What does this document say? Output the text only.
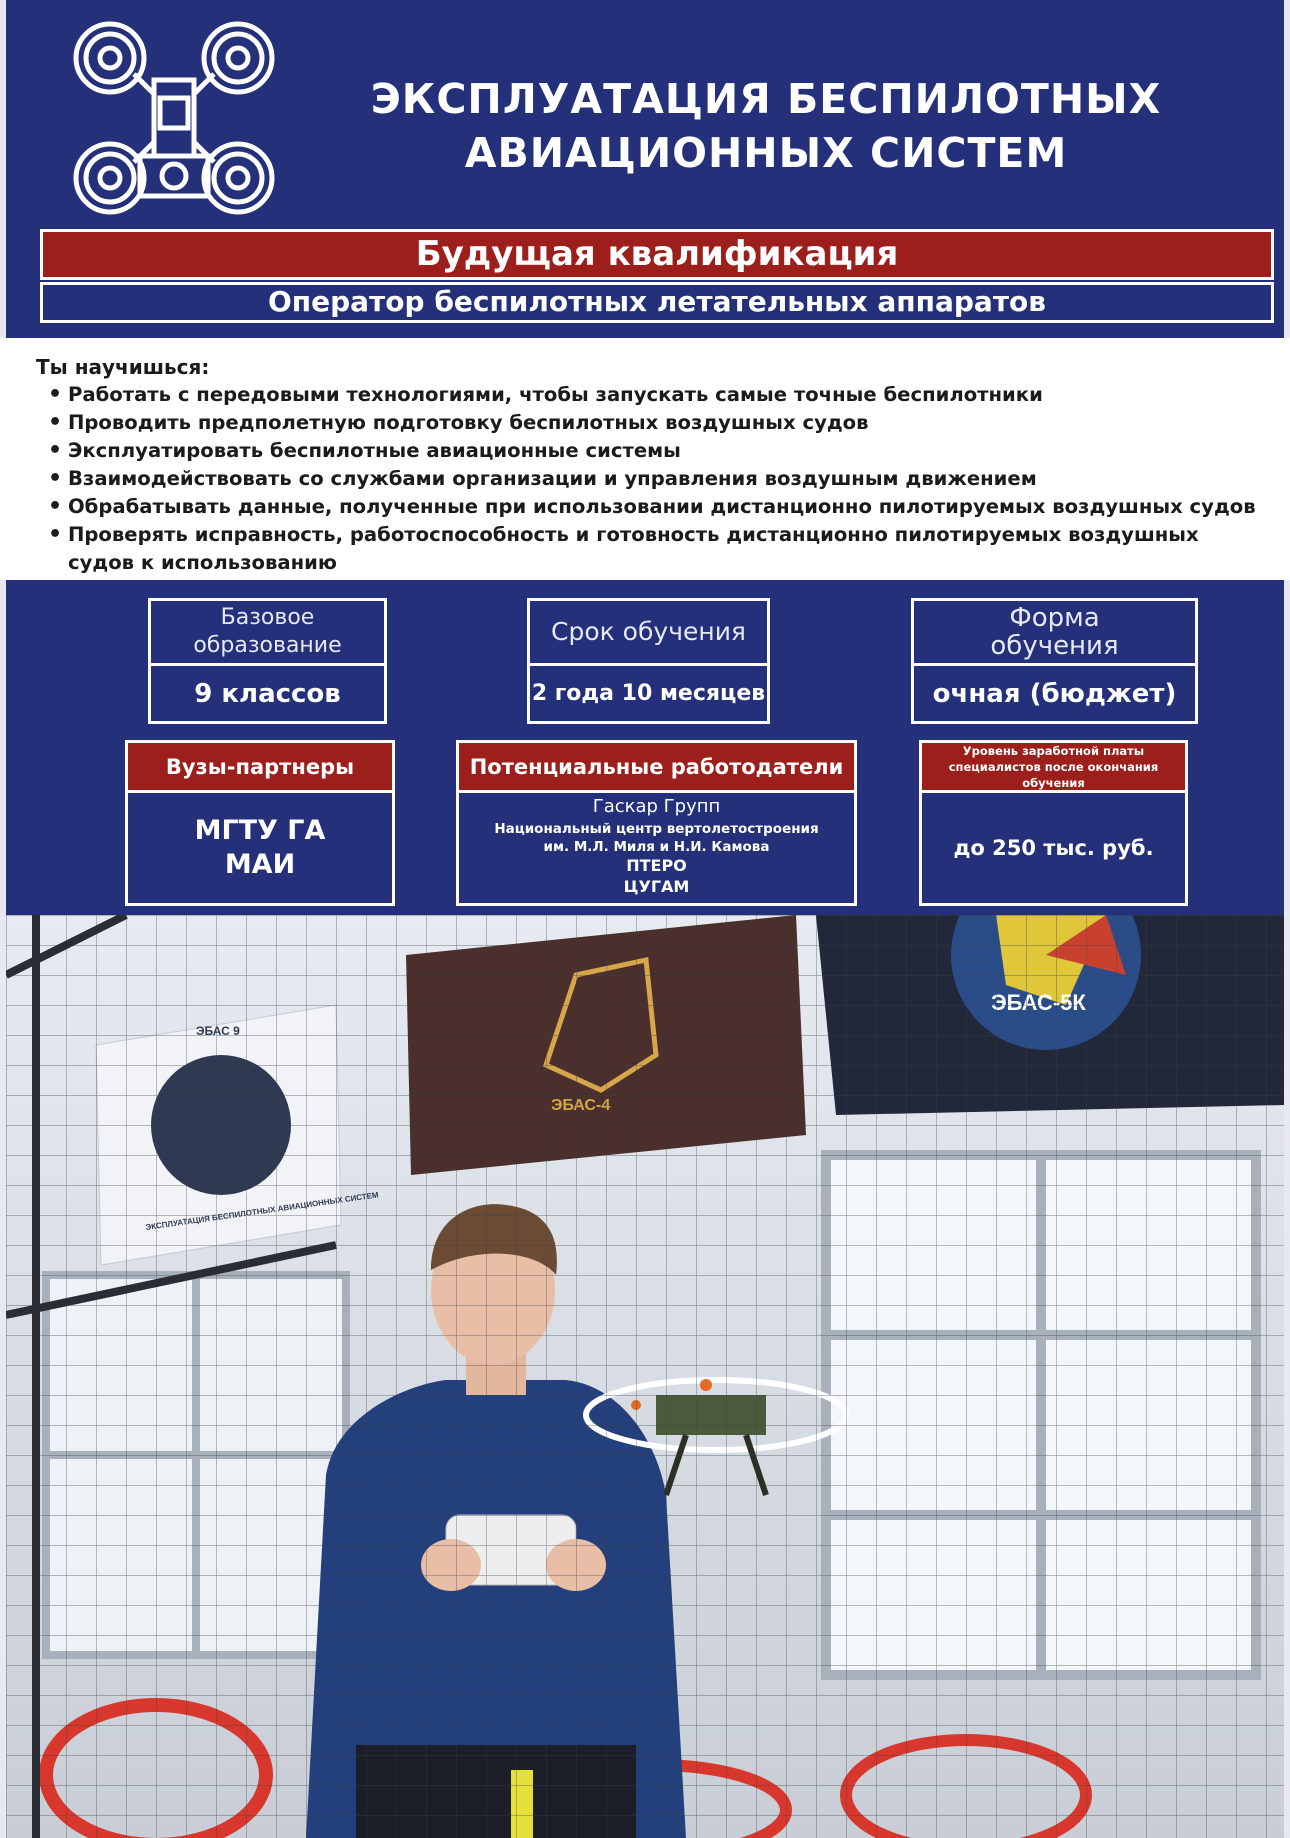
ЭКСПЛУАТАЦИЯ БЕСПИЛОТНЫХ
АВИАЦИОННЫХ СИСТЕМ
Будущая квалификация
Оператор беспилотных летательных аппаратов
Ты научишься:
• Работать с передовыми технологиями, чтобы запускать самые точные беспилотники
• Проводить предполетную подготовку беспилотных воздушных судов
• Эксплуатировать беспилотные авиационные системы
• Взаимодействовать со службами организации и управления воздушным движением
• Обрабатывать данные, полученные при использовании дистанционно пилотируемых воздушных судов
• Проверять исправность, работоспособность и готовность дистанционно пилотируемых воздушных судов к использованию
Базовое образование
9 классов
Срок обучения
2 года 10 месяцев
Форма обучения
очная (бюджет)
Вузы-партнеры
МГТУ ГА
МАИ
Потенциальные работодатели
Гаскар Групп
Национальный центр вертолетостроения
им. М.Л. Миля и Н.И. Камова
ПТЕРО
ЦУГАМ
Уровень заработной платы специалистов после окончания обучения
до 250 тыс. руб.
